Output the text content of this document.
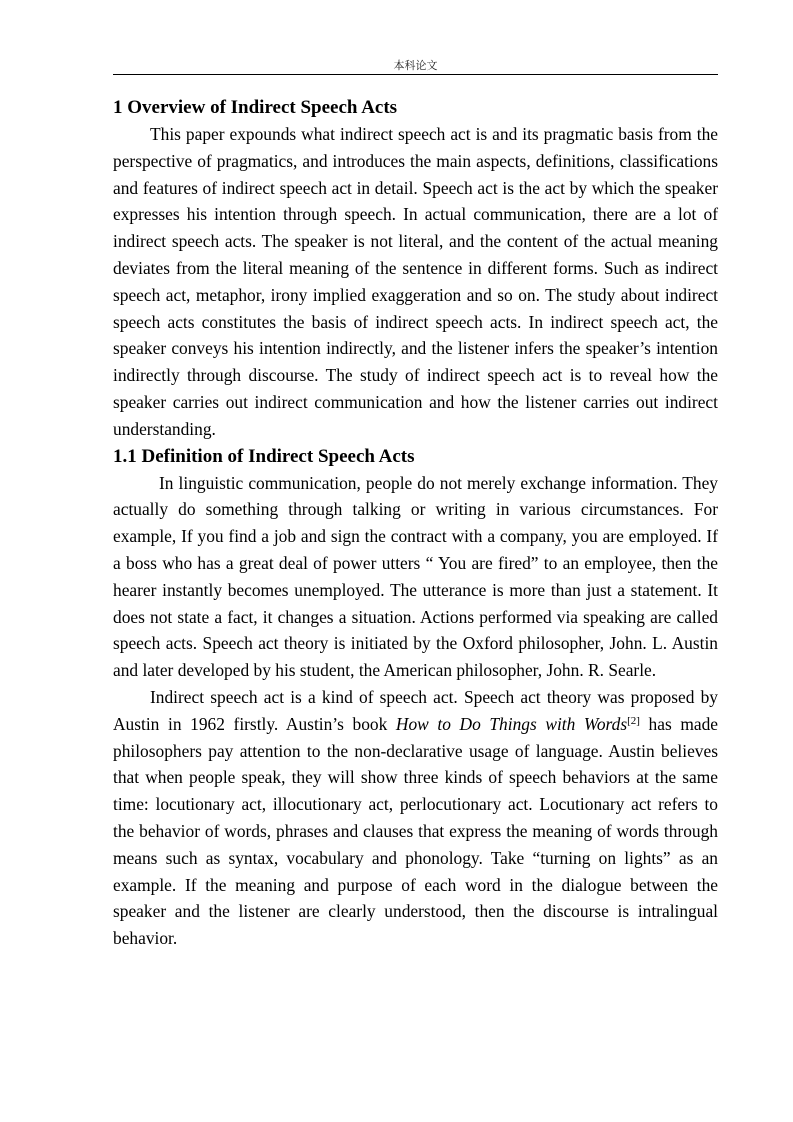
本科论文
1 Overview of Indirect Speech Acts

This paper expounds what indirect speech act is and its pragmatic basis from the perspective of pragmatics, and introduces the main aspects, definitions, classifications and features of indirect speech act in detail. Speech act is the act by which the speaker expresses his intention through speech. In actual communication, there are a lot of indirect speech acts. The speaker is not literal, and the content of the actual meaning deviates from the literal meaning of the sentence in different forms. Such as indirect speech act, metaphor, irony implied exaggeration and so on. The study about indirect speech acts constitutes the basis of indirect speech acts. In indirect speech act, the speaker conveys his intention indirectly, and the listener infers the speaker’s intention indirectly through discourse. The study of indirect speech act is to reveal how the speaker carries out indirect communication and how the listener carries out indirect understanding.

1.1 Definition of Indirect Speech Acts

In linguistic communication, people do not merely exchange information. They actually do something through talking or writing in various circumstances. For example, If you find a job and sign the contract with a company, you are employed. If a boss who has a great deal of power utters “ You are fired” to an employee, then the hearer instantly becomes unemployed. The utterance is more than just a statement. It does not state a fact, it changes a situation. Actions performed via speaking are called speech acts. Speech act theory is initiated by the Oxford philosopher, John. L. Austin and later developed by his student, the American philosopher, John. R. Searle.

Indirect speech act is a kind of speech act. Speech act theory was proposed by Austin in 1962 firstly. Austin’s book How to Do Things with Words[2] has made philosophers pay attention to the non-declarative usage of language. Austin believes that when people speak, they will show three kinds of speech behaviors at the same time: locutionary act, illocutionary act, perlocutionary act. Locutionary act refers to the behavior of words, phrases and clauses that express the meaning of words through means such as syntax, vocabulary and phonology. Take “turning on lights” as an example. If the meaning and purpose of each word in the dialogue between the speaker and the listener are clearly understood, then the discourse is intralingual behavior.
